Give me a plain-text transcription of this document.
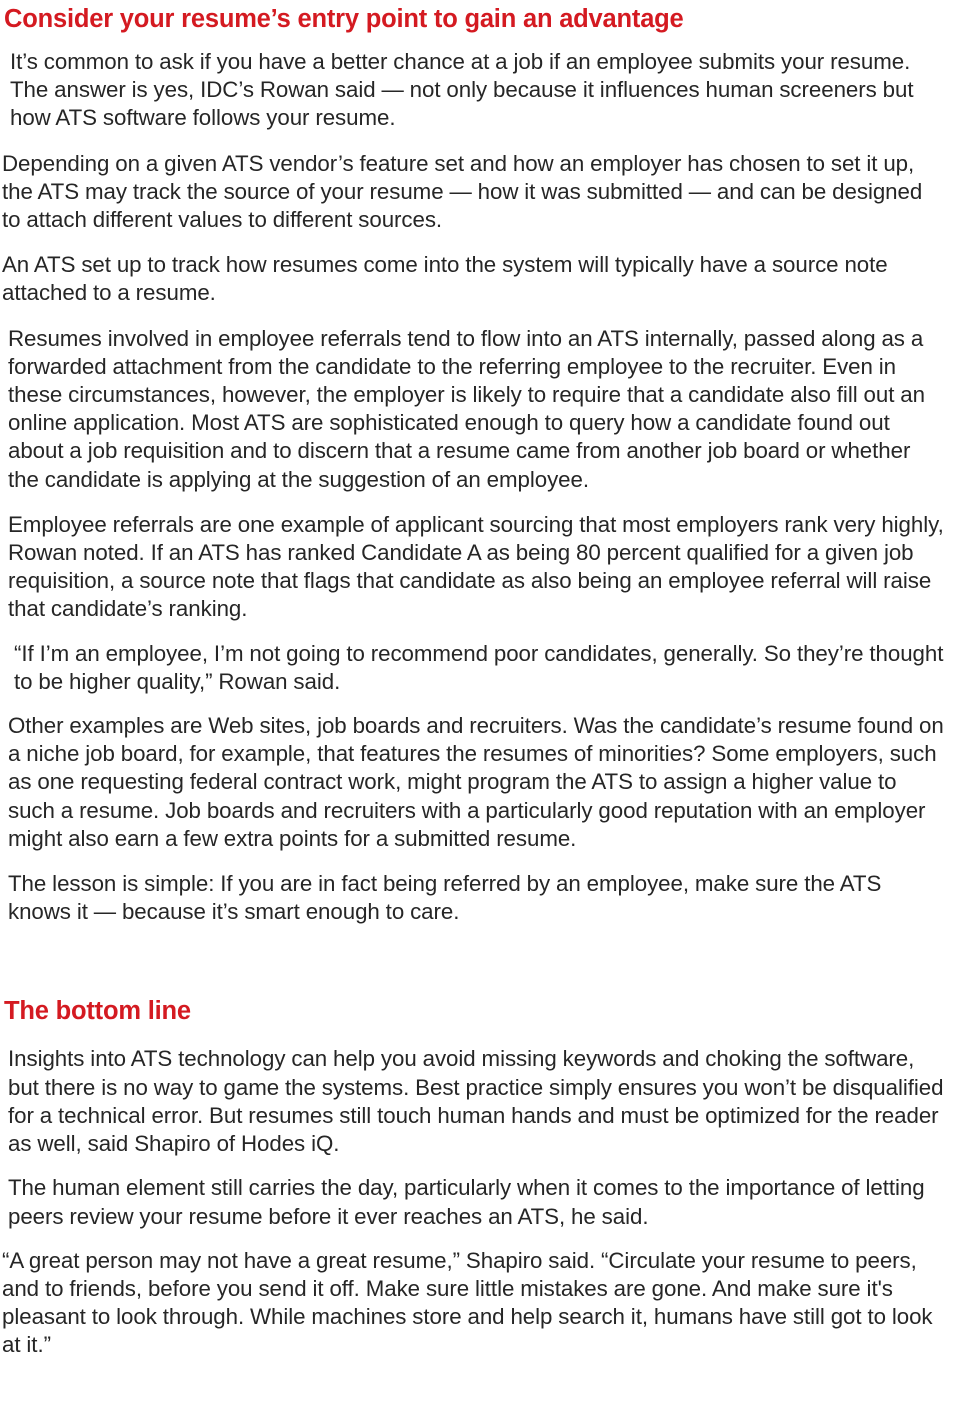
Consider your resume’s entry point to gain an advantage

It’s common to ask if you have a better chance at a job if an employee submits your resume. The answer is yes, IDC’s Rowan said — not only because it influences human screeners but how ATS software follows your resume.

Depending on a given ATS vendor’s feature set and how an employer has chosen to set it up, the ATS may track the source of your resume — how it was submitted — and can be designed to attach different values to different sources.

An ATS set up to track how resumes come into the system will typically have a source note attached to a resume.

Resumes involved in employee referrals tend to flow into an ATS internally, passed along as a forwarded attachment from the candidate to the referring employee to the recruiter. Even in these circumstances, however, the employer is likely to require that a candidate also fill out an online application. Most ATS are sophisticated enough to query how a candidate found out about a job requisition and to discern that a resume came from another job board or whether the candidate is applying at the suggestion of an employee.

Employee referrals are one example of applicant sourcing that most employers rank very highly, Rowan noted. If an ATS has ranked Candidate A as being 80 percent qualified for a given job requisition, a source note that flags that candidate as also being an employee referral will raise that candidate’s ranking.

“If I’m an employee, I’m not going to recommend poor candidates, generally. So they’re thought to be higher quality,” Rowan said.

Other examples are Web sites, job boards and recruiters. Was the candidate’s resume found on a niche job board, for example, that features the resumes of minorities? Some employers, such as one requesting federal contract work, might program the ATS to assign a higher value to such a resume. Job boards and recruiters with a particularly good reputation with an employer might also earn a few extra points for a submitted resume.

The lesson is simple: If you are in fact being referred by an employee, make sure the ATS knows it — because it’s smart enough to care.

The bottom line

Insights into ATS technology can help you avoid missing keywords and choking the software, but there is no way to game the systems. Best practice simply ensures you won’t be disqualified for a technical error. But resumes still touch human hands and must be optimized for the reader as well, said Shapiro of Hodes iQ.

The human element still carries the day, particularly when it comes to the importance of letting peers review your resume before it ever reaches an ATS, he said.

“A great person may not have a great resume,” Shapiro said. “Circulate your resume to peers, and to friends, before you send it off. Make sure little mistakes are gone. And make sure it's pleasant to look through. While machines store and help search it, humans have still got to look at it.”
